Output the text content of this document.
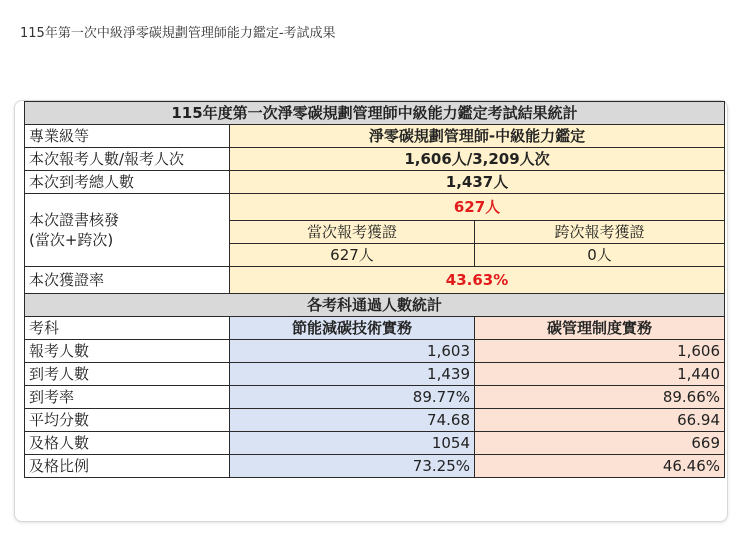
115年第一次中級淨零碳規劃管理師能力鑑定-考試成果
115年度第一次淨零碳規劃管理師中級能力鑑定考試結果統計		
專業級等	淨零碳規劃管理師-中級能力鑑定	
本次報考人數/報考人次	1,606人/3,209人次	
本次到考總人數	1,437人	

本次證書核發
(當次+跨次)	627人	
	當次報考獲證	跨次報考獲證
	627人	0人
本次獲證率	43.63%	
各考科通過人數統計		
考科	節能減碳技術實務	碳管理制度實務
報考人數	1,603	1,606
到考人數	1,439	1,440
到考率	89.77%	89.66%
平均分數	74.68	66.94
及格人數	1054	669
及格比例	73.25%	46.46%
